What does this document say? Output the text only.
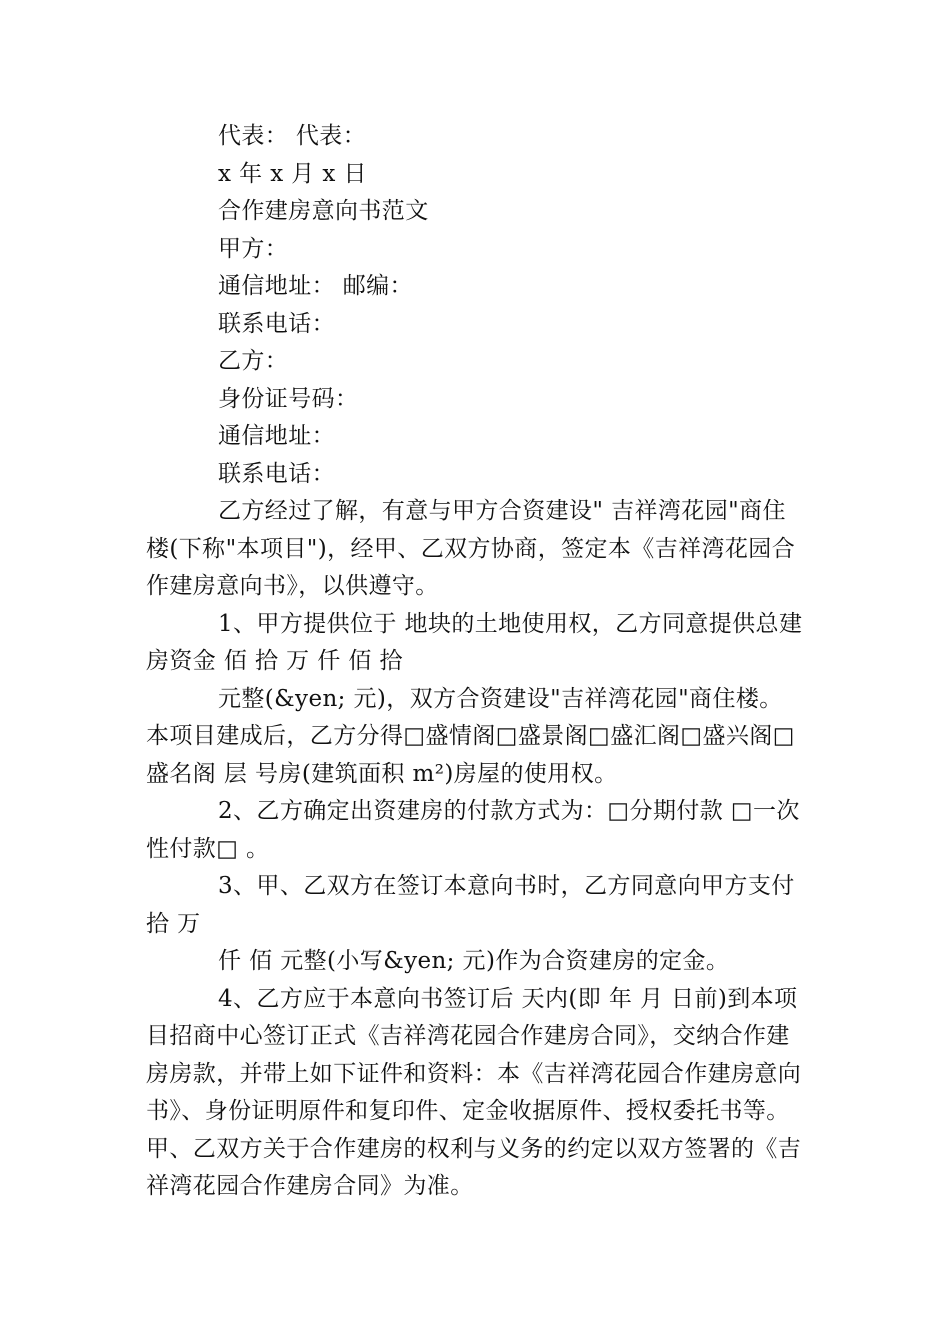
代表： 代表：

x 年 x 月 x 日

合作建房意向书范文

甲方：

通信地址： 邮编：

联系电话：

乙方：

身份证号码：

通信地址：

联系电话：

乙方经过了解，有意与甲方合资建设" 吉祥湾花园"商住楼(下称"本项目")，经甲、乙双方协商，签定本《吉祥湾花园合作建房意向书》，以供遵守。

1、甲方提供位于 地块的土地使用权，乙方同意提供总建房资金 佰 拾 万 仟 佰 拾

元整(&yen; 元)，双方合资建设"吉祥湾花园"商住楼。本项目建成后，乙方分得□盛情阁□盛景阁□盛汇阁□盛兴阁□盛名阁 层 号房(建筑面积 m²)房屋的使用权。

2、乙方确定出资建房的付款方式为：□分期付款 □一次性付款□ 。

3、甲、乙双方在签订本意向书时，乙方同意向甲方支付 拾 万

仟 佰 元整(小写&yen; 元)作为合资建房的定金。

4、乙方应于本意向书签订后 天内(即 年 月 日前)到本项目招商中心签订正式《吉祥湾花园合作建房合同》，交纳合作建房房款，并带上如下证件和资料：本《吉祥湾花园合作建房意向书》、身份证明原件和复印件、定金收据原件、授权委托书等。甲、乙双方关于合作建房的权利与义务的约定以双方签署的《吉祥湾花园合作建房合同》为准。
